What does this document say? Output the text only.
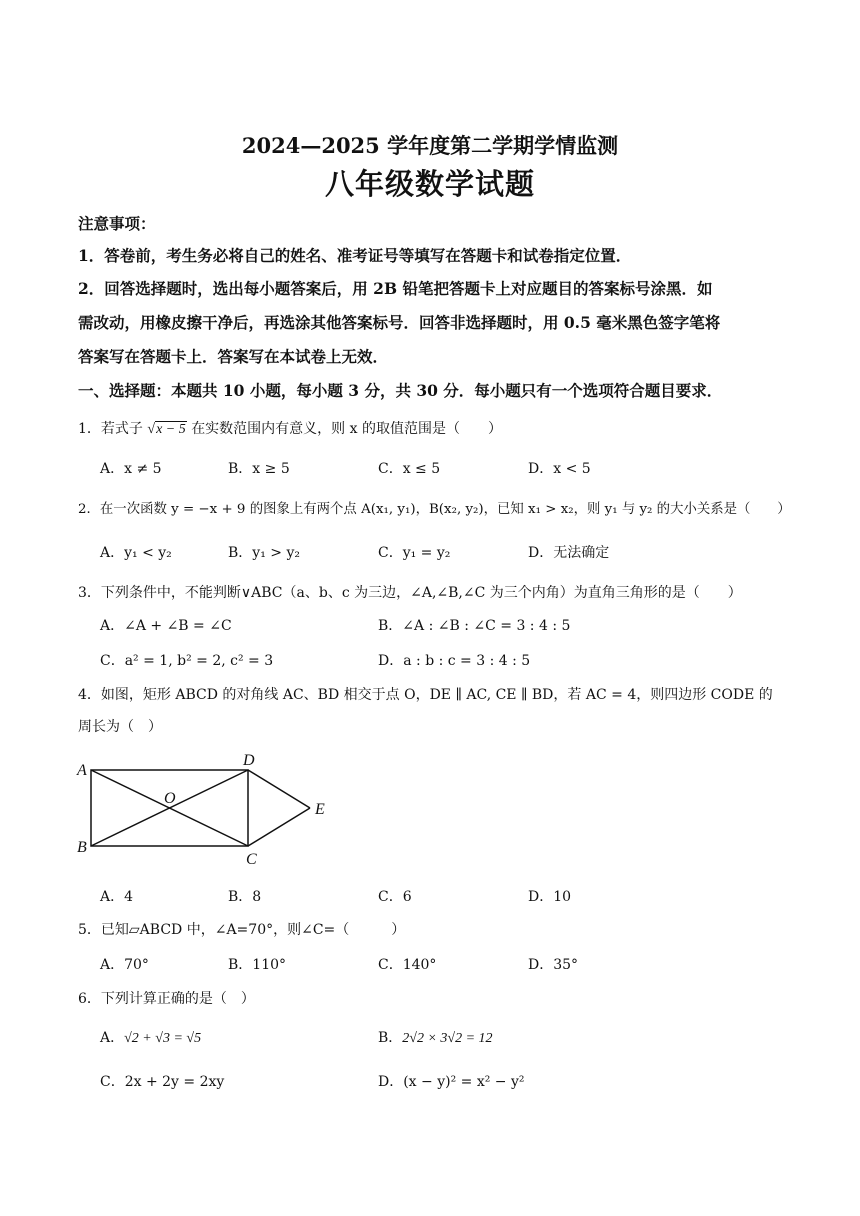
2024—2025 学年度第二学期学情监测
八年级数学试题
注意事项：
1．答卷前，考生务必将自己的姓名、准考证号等填写在答题卡和试卷指定位置．
2．回答选择题时，选出每小题答案后，用 2B 铅笔把答题卡上对应题目的答案标号涂黑．如
需改动，用橡皮擦干净后，再选涂其他答案标号．回答非选择题时，用 0.5 毫米黑色签字笔将
答案写在答题卡上．答案写在本试卷上无效．
一、选择题：本题共 10 小题，每小题 3 分，共 30 分．每小题只有一个选项符合题目要求．
1．若式子 √x − 5 在实数范围内有意义，则 x 的取值范围是（　　）
A．x ≠ 5	B．x ≥ 5	C．x ≤ 5	D．x < 5
2．在一次函数 y = −x + 9 的图象上有两个点 A(x₁, y₁)，B(x₂, y₂)，已知 x₁ > x₂，则 y₁ 与 y₂ 的大小关系是（　　）
A．y₁ < y₂	B．y₁ > y₂	C．y₁ = y₂	D．无法确定
3．下列条件中，不能判断∨ABC（a、b、c 为三边，∠A,∠B,∠C 为三个内角）为直角三角形的是（　　）
A．∠A + ∠B = ∠C	B．∠A : ∠B : ∠C = 3 : 4 : 5
C．a² = 1, b² = 2, c² = 3	D．a : b : c = 3 : 4 : 5
4．如图，矩形 ABCD 的对角线 AC、BD 相交于点 O，DE ∥ AC, CE ∥ BD，若 AC = 4，则四边形 CODE 的
周长为（　）
A
B
C
D
O
E
A．4	B．8	C．6	D．10
5．已知▱ABCD 中，∠A=70°，则∠C=（　　　）
A．70°	B．110°	C．140°	D．35°
6．下列计算正确的是（　）
A．√2 + √3 = √5	B．2√2 × 3√2 = 12
C．2x + 2y = 2xy	D．(x − y)² = x² − y²
